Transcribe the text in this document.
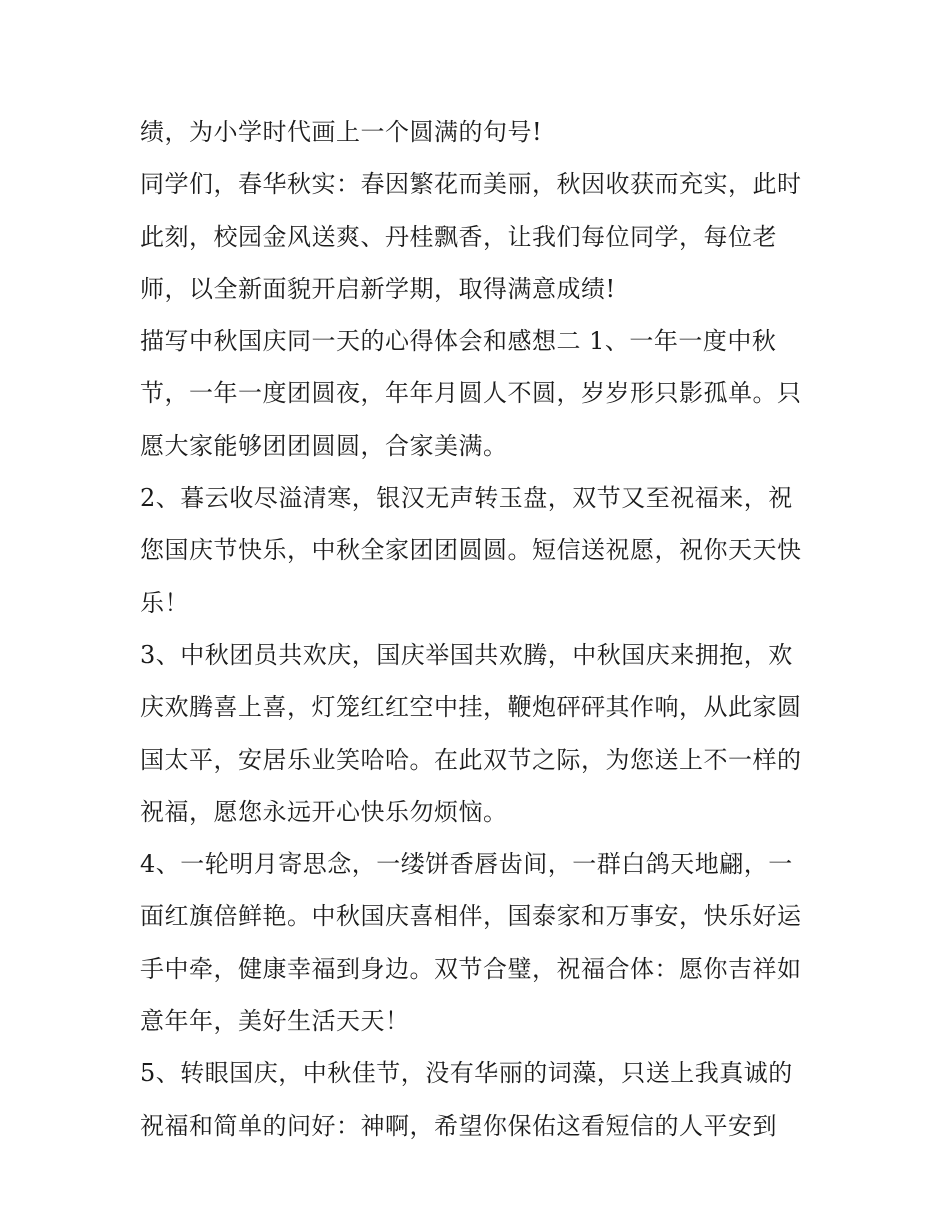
绩，为小学时代画上一个圆满的句号!
同学们，春华秋实：春因繁花而美丽，秋因收获而充实，此时
此刻，校园金风送爽、丹桂飘香，让我们每位同学，每位老
师，以全新面貌开启新学期，取得满意成绩!
描写中秋国庆同一天的心得体会和感想二 1、一年一度中秋
节，一年一度团圆夜，年年月圆人不圆，岁岁形只影孤单。只
愿大家能够团团圆圆，合家美满。
2、暮云收尽溢清寒，银汉无声转玉盘，双节又至祝福来，祝
您国庆节快乐，中秋全家团团圆圆。短信送祝愿，祝你天天快
乐！
3、中秋团员共欢庆，国庆举国共欢腾，中秋国庆来拥抱，欢
庆欢腾喜上喜，灯笼红红空中挂，鞭炮砰砰其作响，从此家圆
国太平，安居乐业笑哈哈。在此双节之际，为您送上不一样的
祝福，愿您永远开心快乐勿烦恼。
4、一轮明月寄思念，一缕饼香唇齿间，一群白鸽天地翩，一
面红旗倍鲜艳。中秋国庆喜相伴，国泰家和万事安，快乐好运
手中牵，健康幸福到身边。双节合璧，祝福合体：愿你吉祥如
意年年，美好生活天天！
5、转眼国庆，中秋佳节，没有华丽的词藻，只送上我真诚的
祝福和简单的问好：神啊，希望你保佑这看短信的人平安到
